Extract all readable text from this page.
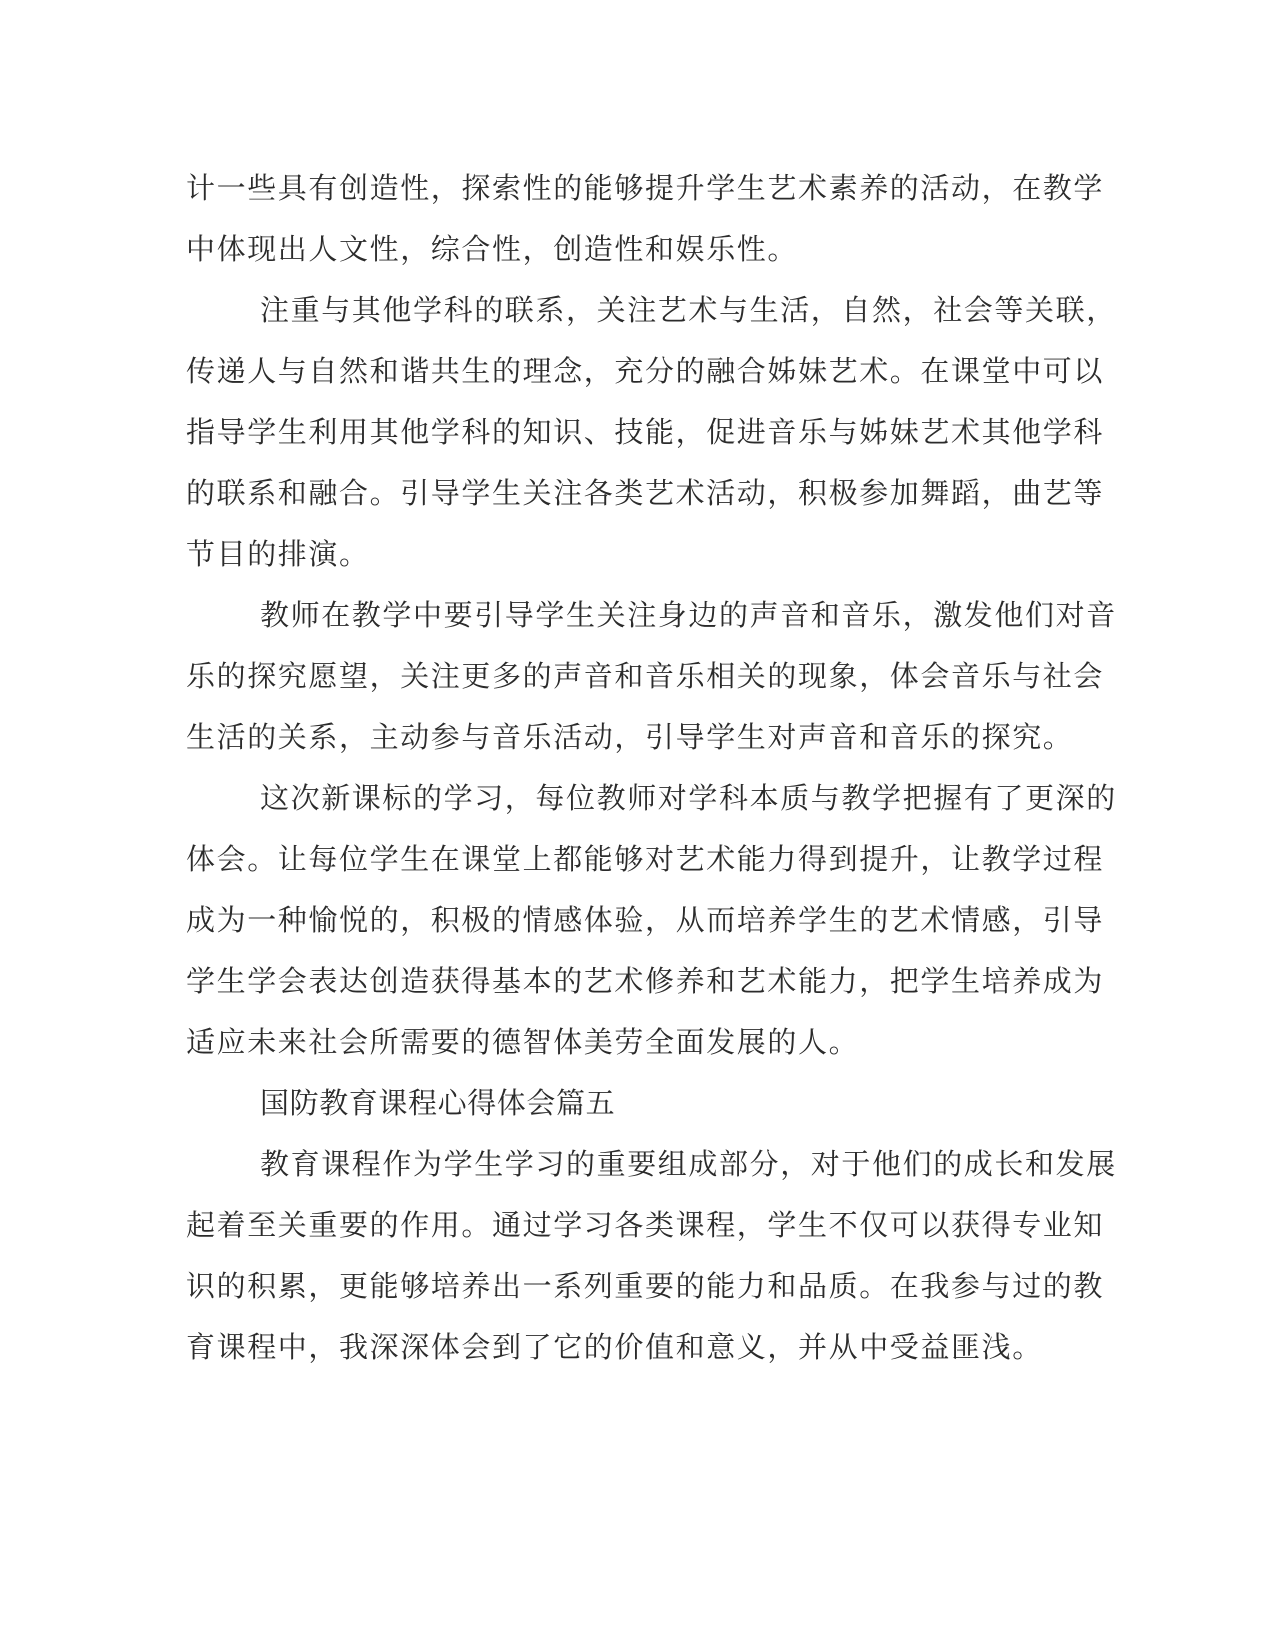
计一些具有创造性，探索性的能够提升学生艺术素养的活动，在教学
中体现出人文性，综合性，创造性和娱乐性。
注重与其他学科的联系，关注艺术与生活，自然，社会等关联，
传递人与自然和谐共生的理念，充分的融合姊妹艺术。在课堂中可以
指导学生利用其他学科的知识、技能，促进音乐与姊妹艺术其他学科
的联系和融合。引导学生关注各类艺术活动，积极参加舞蹈，曲艺等
节目的排演。
教师在教学中要引导学生关注身边的声音和音乐，激发他们对音
乐的探究愿望，关注更多的声音和音乐相关的现象，体会音乐与社会
生活的关系，主动参与音乐活动，引导学生对声音和音乐的探究。
这次新课标的学习，每位教师对学科本质与教学把握有了更深的
体会。让每位学生在课堂上都能够对艺术能力得到提升，让教学过程
成为一种愉悦的，积极的情感体验，从而培养学生的艺术情感，引导
学生学会表达创造获得基本的艺术修养和艺术能力，把学生培养成为
适应未来社会所需要的德智体美劳全面发展的人。
国防教育课程心得体会篇五
教育课程作为学生学习的重要组成部分，对于他们的成长和发展
起着至关重要的作用。通过学习各类课程，学生不仅可以获得专业知
识的积累，更能够培养出一系列重要的能力和品质。在我参与过的教
育课程中，我深深体会到了它的价值和意义，并从中受益匪浅。
